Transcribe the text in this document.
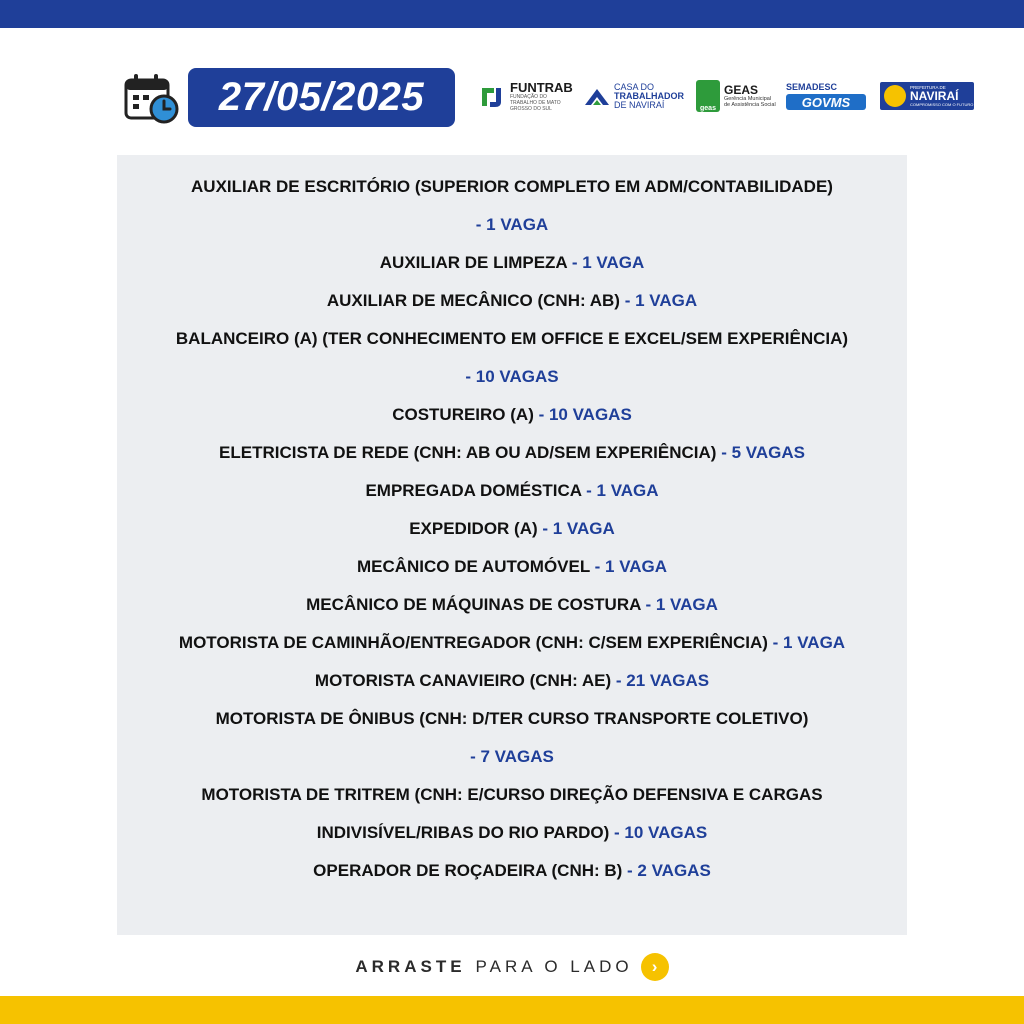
27/05/2025	FUNTRAB
FUNDAÇÃO DO TRABALHO DE MATO GROSSO DO SUL
CASA DO
TRABALHADOR
DE NAVIRAÍ	geas
GEAS
Gerência Municipal
de Assistência Social
SEMADESC
GOVMS
PREFEITURA DE
NAVIRAÍ
COMPROMISSO COM O FUTURO
AUXILIAR DE ESCRITÓRIO (SUPERIOR COMPLETO EM ADM/CONTABILIDADE)
- 1 VAGA
AUXILIAR DE LIMPEZA - 1 VAGA
AUXILIAR DE MECÂNICO (CNH: AB) - 1 VAGA
BALANCEIRO (A) (TER CONHECIMENTO EM OFFICE E EXCEL/SEM EXPERIÊNCIA)
- 10 VAGAS
COSTUREIRO (A) - 10 VAGAS
ELETRICISTA DE REDE (CNH: AB OU AD/SEM EXPERIÊNCIA) - 5 VAGAS
EMPREGADA DOMÉSTICA - 1 VAGA
EXPEDIDOR (A) - 1 VAGA
MECÂNICO DE AUTOMÓVEL - 1 VAGA
MECÂNICO DE MÁQUINAS DE COSTURA - 1 VAGA
MOTORISTA DE CAMINHÃO/ENTREGADOR (CNH: C/SEM EXPERIÊNCIA) - 1 VAGA
MOTORISTA CANAVIEIRO (CNH: AE) - 21 VAGAS
MOTORISTA DE ÔNIBUS (CNH: D/TER CURSO TRANSPORTE COLETIVO)
- 7 VAGAS
MOTORISTA DE TRITREM (CNH: E/CURSO DIREÇÃO DEFENSIVA E CARGAS
INDIVISÍVEL/RIBAS DO RIO PARDO) - 10 VAGAS
OPERADOR DE ROÇADEIRA (CNH: B) - 2 VAGAS
ARRASTE PARA O LADO	›
